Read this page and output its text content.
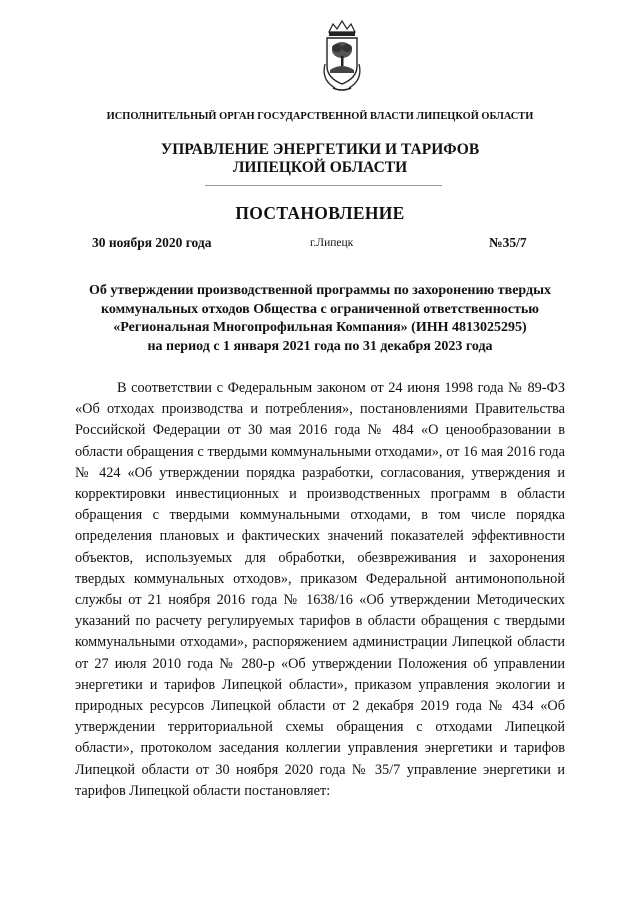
ИСПОЛНИТЕЛЬНЫЙ ОРГАН ГОСУДАРСТВЕННОЙ ВЛАСТИ ЛИПЕЦКОЙ ОБЛАСТИ
УПРАВЛЕНИЕ ЭНЕРГЕТИКИ И ТАРИФОВ
ЛИПЕЦКОЙ ОБЛАСТИ
ПОСТАНОВЛЕНИЕ
30 ноября 2020 года	г.Липецк	№35/7
Об утверждении производственной программы по захоронению твердых
коммунальных отходов Общества с ограниченной ответственностью
«Региональная Многопрофильная Компания» (ИНН 4813025295)
на период с 1 января 2021 года по 31 декабря 2023 года

В соответствии с Федеральным законом от 24 июня 1998 года № 89-ФЗ «Об отходах производства и потребления», постановлениями Правительства Российской Федерации от 30 мая 2016 года № 484 «О ценообразовании в области обращения с твердыми коммунальными отходами», от 16 мая 2016 года № 424 «Об утверждении порядка разработки, согласования, утверждения и корректировки инвестиционных и производственных программ в области обращения с твердыми коммунальными отходами, в том числе порядка определения плановых и фактических значений показателей эффективности объектов, используемых для обработки, обезвреживания и захоронения твердых коммунальных отходов», приказом Федеральной антимонопольной службы от 21 ноября 2016 года № 1638/16 «Об утверждении Методических указаний по расчету регулируемых тарифов в области обращения с твердыми коммунальными отходами», распоряжением администрации Липецкой области от 27 июля 2010 года № 280-р «Об утверждении Положения об управлении энергетики и тарифов Липецкой области», приказом управления экологии и природных ресурсов Липецкой области от 2 декабря 2019 года № 434 «Об утверждении территориальной схемы обращения с отходами Липецкой области», протоколом заседания коллегии управления энергетики и тарифов Липецкой области от 30 ноября 2020 года № 35/7 управление энергетики и тарифов Липецкой области постановляет:
